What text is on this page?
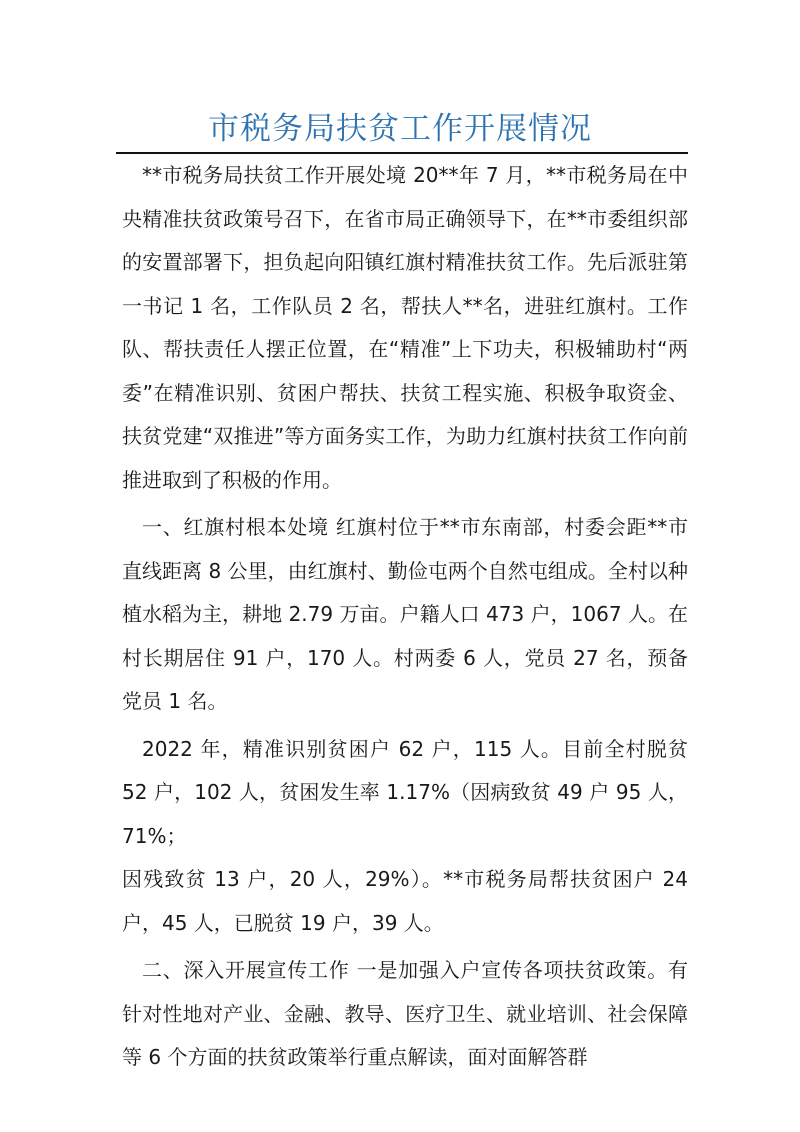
市税务局扶贫工作开展情况

**市税务局扶贫工作开展处境 20**年 7 月，**市税务局在中央精准扶贫政策号召下，在省市局正确领导下，在**市委组织部的安置部署下，担负起向阳镇红旗村精准扶贫工作。先后派驻第一书记 1 名，工作队员 2 名，帮扶人**名，进驻红旗村。工作队、帮扶责任人摆正位置，在“精准”上下功夫，积极辅助村“两委”在精准识别、贫困户帮扶、扶贫工程实施、积极争取资金、扶贫党建“双推进”等方面务实工作，为助力红旗村扶贫工作向前推进取到了积极的作用。

一、红旗村根本处境 红旗村位于**市东南部，村委会距**市直线距离 8 公里，由红旗村、勤俭屯两个自然屯组成。全村以种植水稻为主，耕地 2.79 万亩。户籍人口 473 户，1067 人。在村长期居住 91 户，170 人。村两委 6 人，党员 27 名，预备党员 1 名。

2022 年，精准识别贫困户 62 户，115 人。目前全村脱贫 52 户，102 人，贫困发生率 1.17%（因病致贫 49 户 95 人，71%；

因残致贫 13 户，20 人，29%）。**市税务局帮扶贫困户 24 户，45 人，已脱贫 19 户，39 人。

二、深入开展宣传工作 一是加强入户宣传各项扶贫政策。有针对性地对产业、金融、教导、医疗卫生、就业培训、社会保障等 6 个方面的扶贫政策举行重点解读，面对面解答群
